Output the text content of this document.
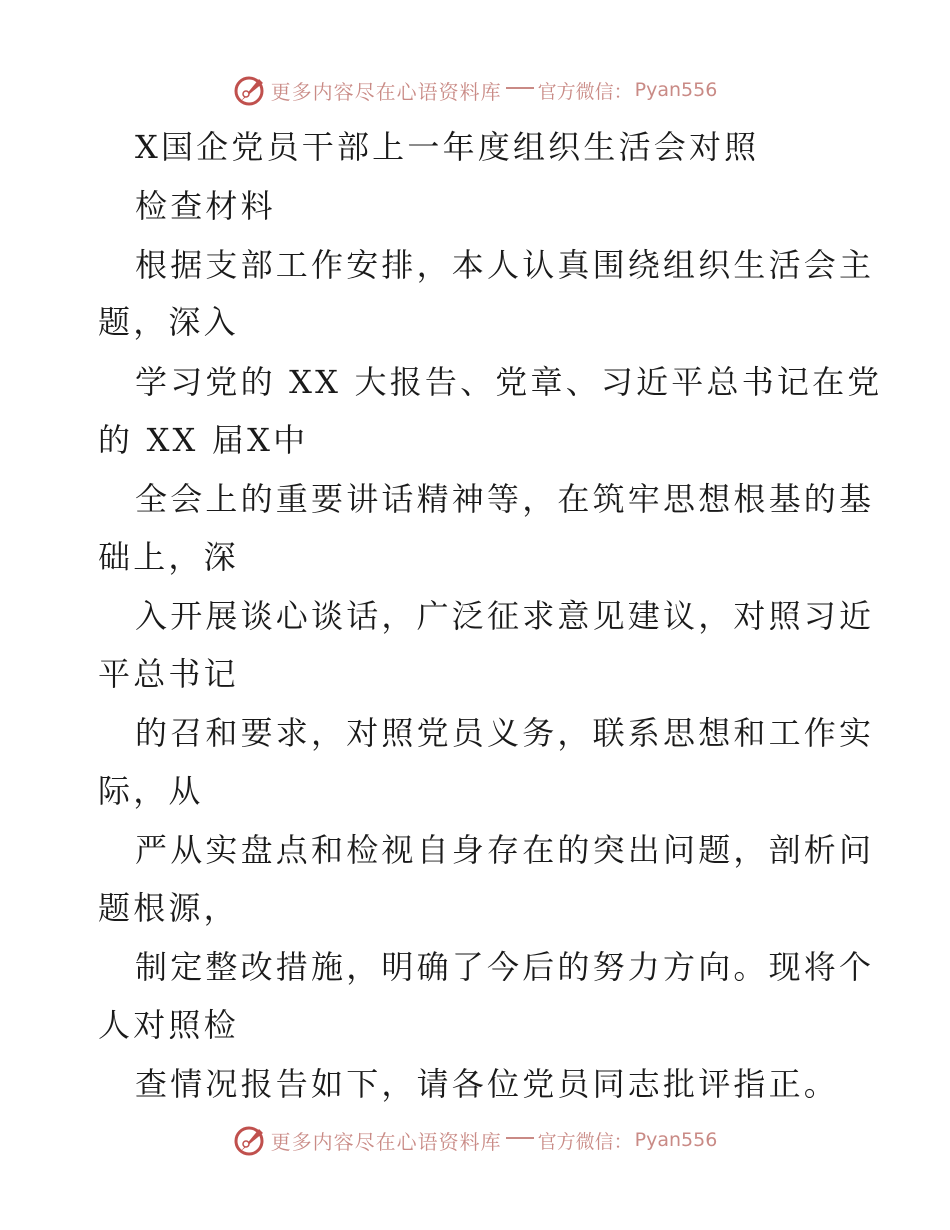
更多内容尽在心语资料库 官方微信： Pyan556
X国企党员干部上一年度组织生活会对照
检查材料
根据支部工作安排，本人认真围绕组织生活会主
题，深入
学习党的 XX 大报告、党章、习近平总书记在党
的 XX 届X中
全会上的重要讲话精神等，在筑牢思想根基的基
础上，深
入开展谈心谈话，广泛征求意见建议，对照习近
平总书记
的召和要求，对照党员义务，联系思想和工作实
际，从
严从实盘点和检视自身存在的突出问题，剖析问
题根源，
制定整改措施，明确了今后的努力方向。现将个
人对照检
查情况报告如下，请各位党员同志批评指正。
更多内容尽在心语资料库 官方微信： Pyan556
